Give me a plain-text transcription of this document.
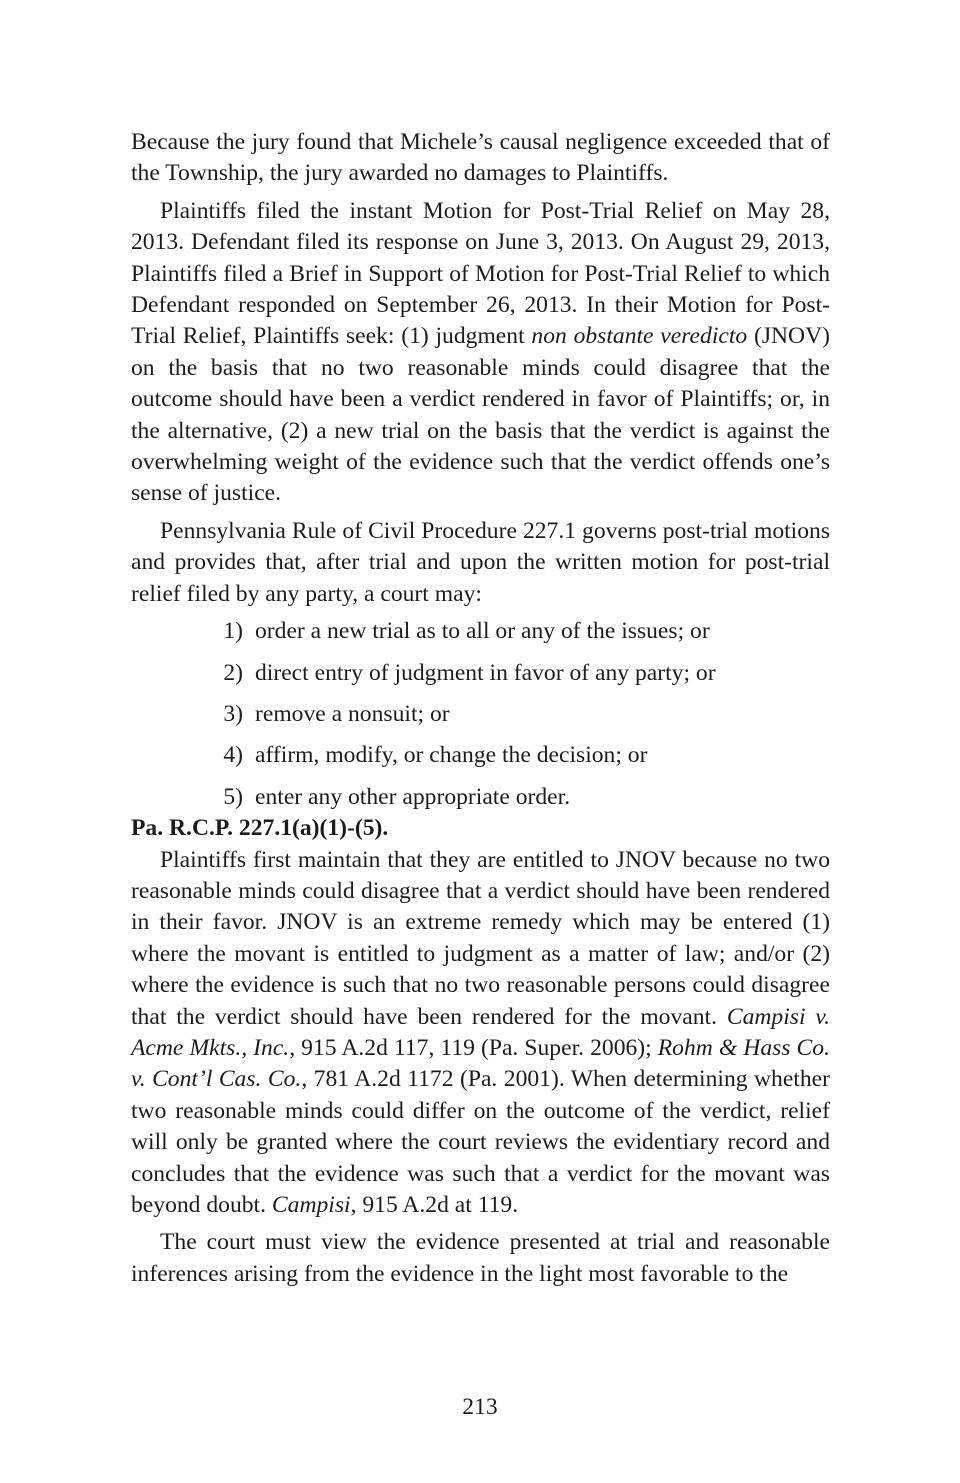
Because the jury found that Michele’s causal negligence exceeded that of the Township, the jury awarded no damages to Plaintiffs.

Plaintiffs filed the instant Motion for Post-Trial Relief on May 28, 2013. Defendant filed its response on June 3, 2013. On August 29, 2013, Plaintiffs filed a Brief in Support of Motion for Post-Trial Relief to which Defendant responded on September 26, 2013. In their Motion for Post-Trial Relief, Plaintiffs seek: (1) judgment non obstante veredicto (JNOV) on the basis that no two reasonable minds could disagree that the outcome should have been a verdict rendered in favor of Plaintiffs; or, in the alternative, (2) a new trial on the basis that the verdict is against the overwhelming weight of the evidence such that the verdict offends one’s sense of justice.

Pennsylvania Rule of Civil Procedure 227.1 governs post-trial motions and provides that, after trial and upon the written motion for post-trial relief filed by any party, a court may:

1) order a new trial as to all or any of the issues; or
2) direct entry of judgment in favor of any party; or
3) remove a nonsuit; or
4) affirm, modify, or change the decision; or
5) enter any other appropriate order.

Pa. R.C.P. 227.1(a)(1)-(5).

Plaintiffs first maintain that they are entitled to JNOV because no two reasonable minds could disagree that a verdict should have been rendered in their favor. JNOV is an extreme remedy which may be entered (1) where the movant is entitled to judgment as a matter of law; and/or (2) where the evidence is such that no two reasonable persons could disagree that the verdict should have been rendered for the movant. Campisi v. Acme Mkts., Inc., 915 A.2d 117, 119 (Pa. Super. 2006); Rohm & Hass Co. v. Cont’l Cas. Co., 781 A.2d 1172 (Pa. 2001). When determining whether two reasonable minds could differ on the outcome of the verdict, relief will only be granted where the court reviews the evidentiary record and concludes that the evidence was such that a verdict for the movant was beyond doubt. Campisi, 915 A.2d at 119.

The court must view the evidence presented at trial and reasonable inferences arising from the evidence in the light most favorable to the

213
